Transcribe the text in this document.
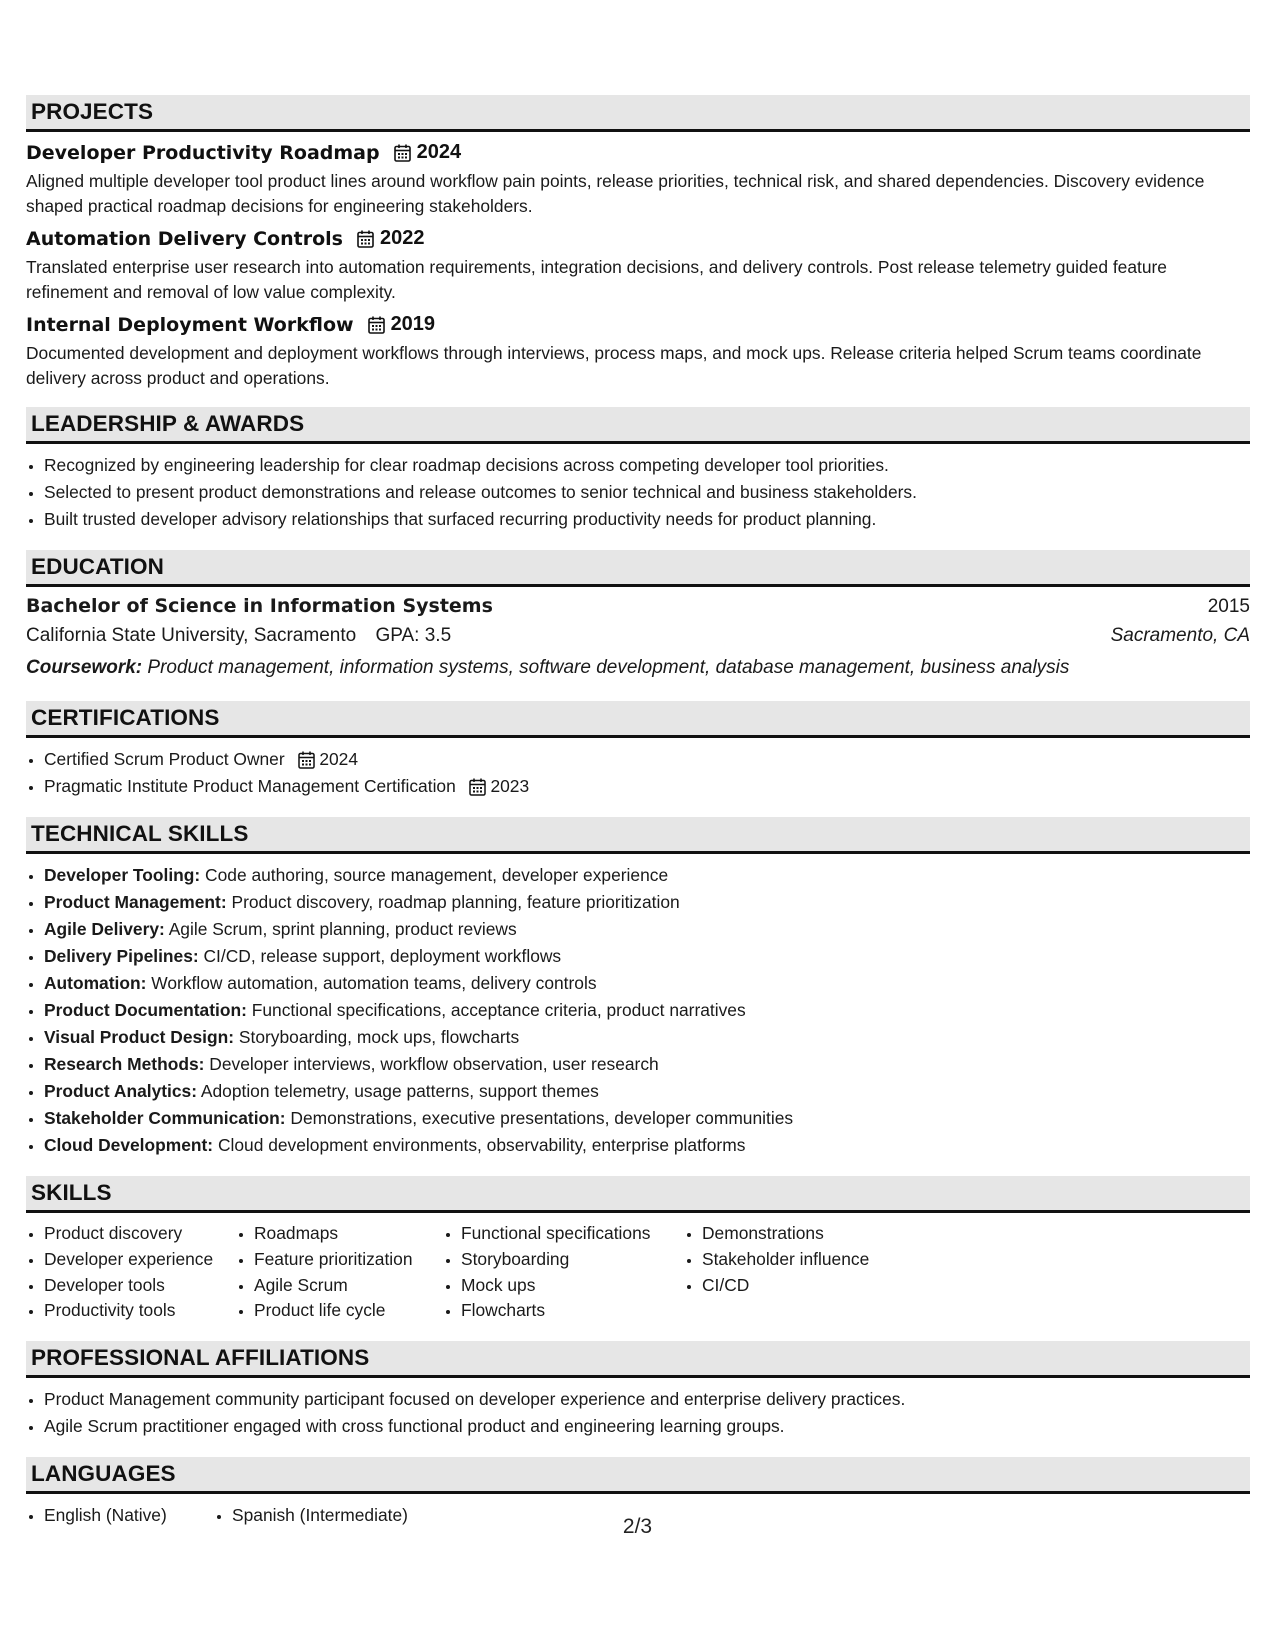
PROJECTS
Developer Productivity Roadmap 2024
Aligned multiple developer tool product lines around workflow pain points, release priorities, technical risk, and shared dependencies. Discovery evidence shaped practical roadmap decisions for engineering stakeholders.
Automation Delivery Controls 2022
Translated enterprise user research into automation requirements, integration decisions, and delivery controls. Post release telemetry guided feature refinement and removal of low value complexity.
Internal Deployment Workflow 2019
Documented development and deployment workflows through interviews, process maps, and mock ups. Release criteria helped Scrum teams coordinate delivery across product and operations.
LEADERSHIP & AWARDS
• Recognized by engineering leadership for clear roadmap decisions across competing developer tool priorities.
• Selected to present product demonstrations and release outcomes to senior technical and business stakeholders.
• Built trusted developer advisory relationships that surfaced recurring productivity needs for product planning.
EDUCATION
Bachelor of Science in Information Systems	2015
California State University, Sacramento GPA: 3.5	Sacramento, CA
Coursework: Product management, information systems, software development, database management, business analysis
CERTIFICATIONS
• Certified Scrum Product Owner 2024
• Pragmatic Institute Product Management Certification 2023
TECHNICAL SKILLS
• Developer Tooling: Code authoring, source management, developer experience
• Product Management: Product discovery, roadmap planning, feature prioritization
• Agile Delivery: Agile Scrum, sprint planning, product reviews
• Delivery Pipelines: CI/CD, release support, deployment workflows
• Automation: Workflow automation, automation teams, delivery controls
• Product Documentation: Functional specifications, acceptance criteria, product narratives
• Visual Product Design: Storyboarding, mock ups, flowcharts
• Research Methods: Developer interviews, workflow observation, user research
• Product Analytics: Adoption telemetry, usage patterns, support themes
• Stakeholder Communication: Demonstrations, executive presentations, developer communities
• Cloud Development: Cloud development environments, observability, enterprise platforms
SKILLS
• Product discovery
• Developer experience
• Developer tools
• Productivity tools
• Roadmaps
• Feature prioritization
• Agile Scrum
• Product life cycle
• Functional specifications
• Storyboarding
• Mock ups
• Flowcharts
• Demonstrations
• Stakeholder influence
• CI/CD
PROFESSIONAL AFFILIATIONS
• Product Management community participant focused on developer experience and enterprise delivery practices.
• Agile Scrum practitioner engaged with cross functional product and engineering learning groups.
LANGUAGES
• English (Native)
•	Spanish (Intermediate)	2/3
